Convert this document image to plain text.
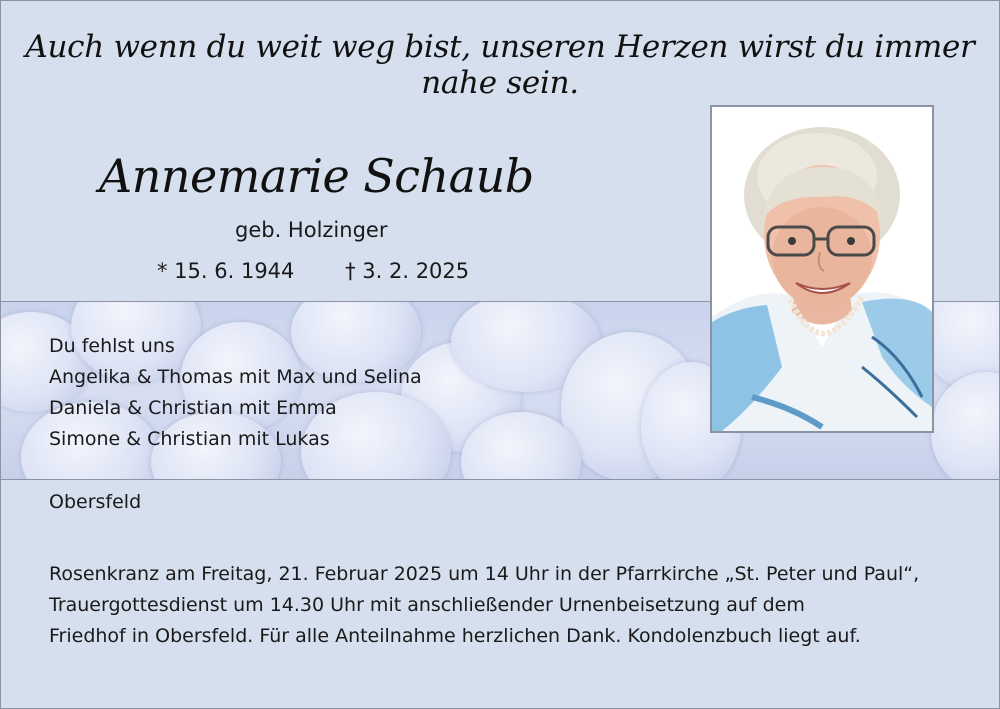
Auch wenn du weit weg bist, unseren Herzen wirst du immer nahe sein.
Annemarie Schaub
geb. Holzinger
* 15. 6. 1944 † 3. 2. 2025
Du fehlst uns
Angelika & Thomas mit Max und Selina
Daniela & Christian mit Emma
Simone & Christian mit Lukas
Obersfeld
Rosenkranz am Freitag, 21. Februar 2025 um 14 Uhr in der Pfarrkirche „St. Peter und Paul“,
Trauergottesdienst um 14.30 Uhr mit anschließender Urnenbeisetzung auf dem
Friedhof in Obersfeld. Für alle Anteilnahme herzlichen Dank. Kondolenzbuch liegt auf.
